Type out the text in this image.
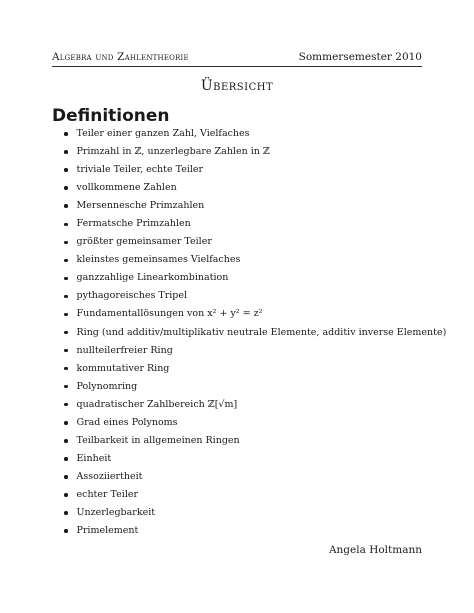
Algebra und Zahlentheorie	Sommersemester 2010
Übersicht
Definitionen
Teiler einer ganzen Zahl, Vielfaches
Primzahl in ℤ, unzerlegbare Zahlen in ℤ
triviale Teiler, echte Teiler
vollkommene Zahlen
Mersennesche Primzahlen
Fermatsche Primzahlen
größter gemeinsamer Teiler
kleinstes gemeinsames Vielfaches
ganzzahlige Linearkombination
pythagoreisches Tripel
Fundamentallösungen von x² + y² = z²
Ring (und additiv/multiplikativ neutrale Elemente, additiv inverse Elemente)
nullteilerfreier Ring
kommutativer Ring
Polynomring
quadratischer Zahlbereich ℤ[√m]
Grad eines Polynoms
Teilbarkeit in allgemeinen Ringen
Einheit
Assoziiertheit
echter Teiler
Unzerlegbarkeit
Primelement
Angela Holtmann
